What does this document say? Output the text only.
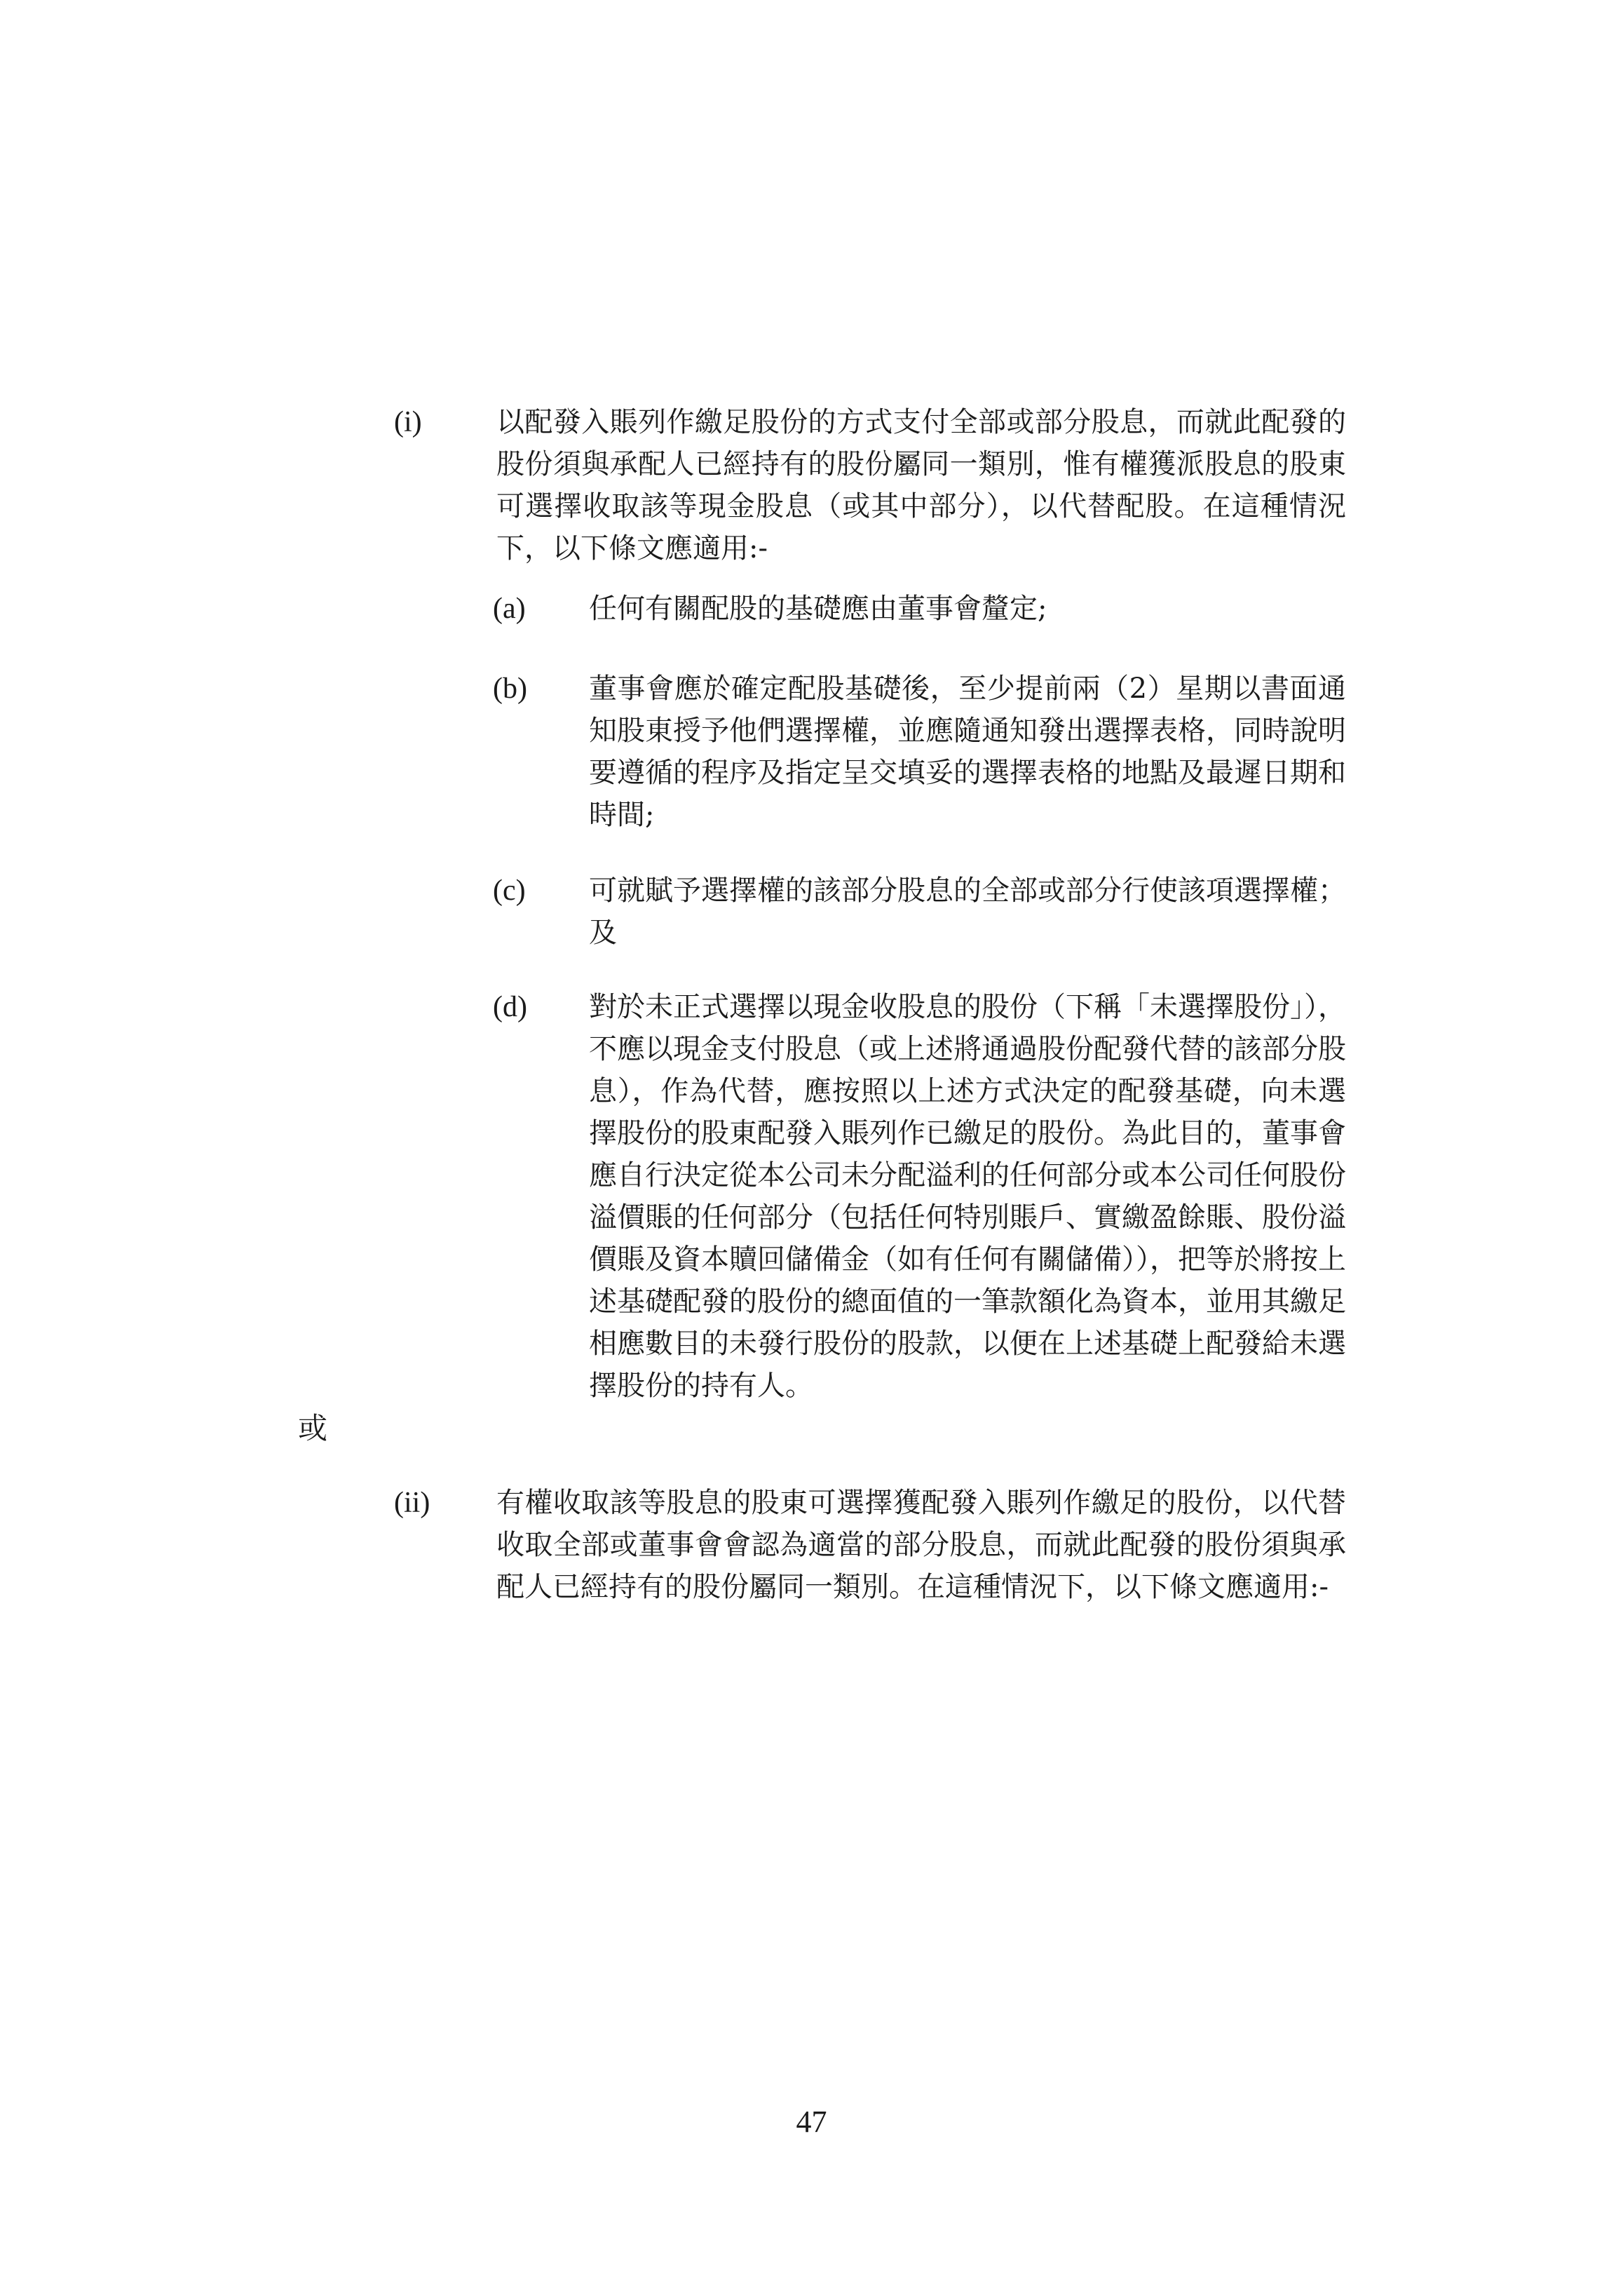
(i)	以配發入賬列作繳足股份的方式支付全部或部分股息，而就此配發的股份須與承配人已經持有的股份屬同一類別，惟有權獲派股息的股東可選擇收取該等現金股息（或其中部分），以代替配股。在這種情況下，以下條文應適用:-
(a) 任何有關配股的基礎應由董事會釐定;
(b) 董事會應於確定配股基礎後，至少提前兩（2）星期以書面通知股東授予他們選擇權，並應隨通知發出選擇表格，同時說明要遵循的程序及指定呈交填妥的選擇表格的地點及最遲日期和時間;
(c) 可就賦予選擇權的該部分股息的全部或部分行使該項選擇權；及
(d) 對於未正式選擇以現金收股息的股份（下稱「未選擇股份」），不應以現金支付股息（或上述將通過股份配發代替的該部分股息），作為代替，應按照以上述方式決定的配發基礎，向未選擇股份的股東配發入賬列作已繳足的股份。為此目的，董事會應自行決定從本公司未分配溢利的任何部分或本公司任何股份溢價賬的任何部分（包括任何特別賬戶、實繳盈餘賬、股份溢價賬及資本贖回儲備金（如有任何有關儲備）），把等於將按上述基礎配發的股份的總面值的一筆款額化為資本，並用其繳足相應數目的未發行股份的股款，以便在上述基礎上配發給未選擇股份的持有人。
或
(ii) 有權收取該等股息的股東可選擇獲配發入賬列作繳足的股份，以代替收取全部或董事會會認為適當的部分股息，而就此配發的股份須與承配人已經持有的股份屬同一類別。在這種情況下，以下條文應適用:-
47
